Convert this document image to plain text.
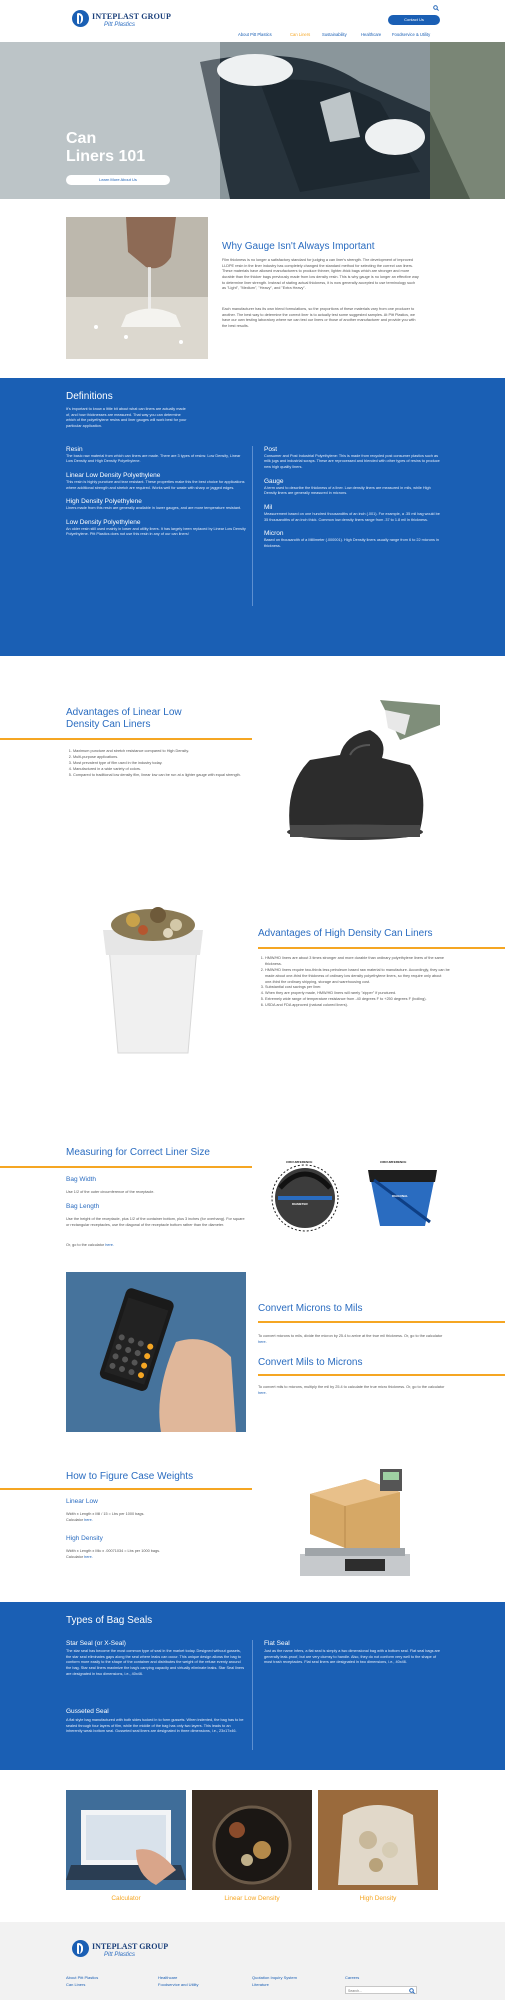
INTEPLAST GROUP
Pitt Plastics
Contact Us
About Pitt Plastics	Can Liners	Sustainability	Healthcare	Foodservice & Utility
Can
Liners 101
Learn More About Us
Why Gauge Isn't Always Important
Film thickness is no longer a satisfactory standard for judging a can liner's strength. The development of improved LLDPE resin in the liner industry has completely changed the standard method for selecting the correct can liners. These materials have allowed manufacturers to produce thinner, lighter-thick bags which are stronger and more durable than the thicker bags previously made from low density resin. This is why gauge is no longer an effective way to determine liner strength. Instead of stating actual thickness, it is now generally accepted to use terminology such as "Light", "Medium", "Heavy", and "Extra Heavy".
Each manufacturer has its own blend formulations, so the proportions of these materials vary from one producer to another. The best way to determine the correct liner is to actually test some suggested samples. At Pitt Plastics, we have our own testing laboratory where we can test our liners or those of another manufacturer and provide you with the best results.
Definitions
It's important to know a little bit about what can liners are actually made of, and how thicknesses are measured. That way you can determine which of the polyethylene resins and liner gauges will work best for your particular application.
Resin
The basic raw material from which can liners are made. There are 3 types of resins: Low Density, Linear Low Density and High Density Polyethylene.
Linear Low Density Polyethylene
This resin is highly puncture and tear resistant. These properties make this the best choice for applications where additional strength and stretch are required. Works well for waste with sharp or jagged edges.
High Density Polyethylene
Liners made from this resin are generally available in lower gauges, and are more temperature resistant.
Low Density Polyethylene
An older resin still used mainly in lower and utility liners. It has largely been replaced by Linear Low Density Polyethylene. Pitt Plastics does not use this resin in any of our can liners!
Post
Consumer and Post Industrial Polyethylene: This is made from recycled post consumer plastics such as milk jugs and industrial scraps. These are reprocessed and blended with other types of resins to produce new high quality liners.
Gauge
A term used to describe the thickness of a liner. Low density liners are measured in mils, while High Density liners are generally measured in microns.
Mil
Measurement based on one hundred thousandths of an inch (.001). For example, a .35 mil bag would be 35 thousandths of an inch thick. Common low density liners range from .37 to 1.8 mil in thickness.
Micron
Based on thousandth of a Millimeter (.000001). High Density liners usually range from 6 to 22 microns in thickness.
Advantages of Linear Low
Density Can Liners
1. Maximum puncture and stretch resistance compared to High Density.
2. Multi-purpose applications.
3. Most prevalent type of film used in the industry today.
4. Manufactured in a wide variety of colors.
5. Compared to traditional low density film, linear low can be run at a lighter gauge with equal strength.
Advantages of High Density Can Liners
1. HMW/HD liners are about 3 times stronger and more durable than ordinary polyethylene liners of the same thickness.
2. HMW/HD liners require two-thirds less petroleum based raw material to manufacture. Accordingly, they can be made about one-third the thickness of ordinary low density polyethylene liners, so they require only about one-third the ordinary shipping, storage and warehousing cost.
3. Substantial cost savings per liner.
4. When they are properly made, HMW/HD liners will rarely "zipper" if punctured.
5. Extremely wide range of temperature resistance from -40 degrees F to +250 degrees F (boiling).
6. USDA and FDA approved (natural colored liners).
Measuring for Correct Liner Size
Bag Width
Use 1/2 of the outer circumference of the receptacle.
Bag Length
Use the height of the receptacle, plus 1/2 of the container bottom, plus 3 inches (for overhang). For square or rectangular receptacles, use the diagonal of the receptacle bottom rather than the diameter.
Or, go to the calculator here.
CIRCUMFERENCE
DIAMETER
CIRCUMFERENCE
DIAGONAL
Convert Microns to Mils
To convert microns to mils, divide the micron by 25.4 to arrive at the true mil thickness. Or, go to the calculator here.
Convert Mils to Microns
To convert mils to microns, multiply the mil by 25.4 to calculate the true micro thickness. Or, go to the calculator here.
How to Figure Case Weights
Linear Low
Width x Length x Mil / 15 = Lbs per 1000 bags.
Calculator here.
High Density
Width x Length x Mic x .00071034 = Lbs per 1000 bags.
Calculator here.
Types of Bag Seals
Star Seal (or X-Seal)
The star seal has become the most common type of seal in the market today. Designed without gussets, the star seal eliminates gaps along the seal where leaks can occur. This unique design allows the bag to conform more easily to the shape of the container and distributes the weight of the refuse evenly around the bag. Star seal liners maximize the bag's carrying capacity and virtually eliminate leaks. Star Seal liners are designated in two dimensions, i.e., 40x46.
Gusseted Seal
A flat style bag manufactured with both sides tucked in to form gussets. When indented, the bag has to be sealed through four layers of film, while the middle of the bag has only two layers. This leads to an inherently weak bottom seal. Gusseted seal liners are designated in three dimensions, i.e., 23x17x46.
Flat Seal
Just as the name infers, a flat seal is simply a two dimensional bag with a bottom seal. Flat seal bags are generally leak-proof, but are very clumsy to handle. Also, they do not conform very well to the shape of most trash receptacles. Flat seal liners are designated in two dimensions, i.e., 40x46.
Calculator	Linear Low Density	High Density
INTEPLAST GROUP
Pitt Plastics
About Pitt Plastics
Can Liners
Healthcare
Foodservice and Utility
Quotation Inquiry System
Literature
Careers
Search...
